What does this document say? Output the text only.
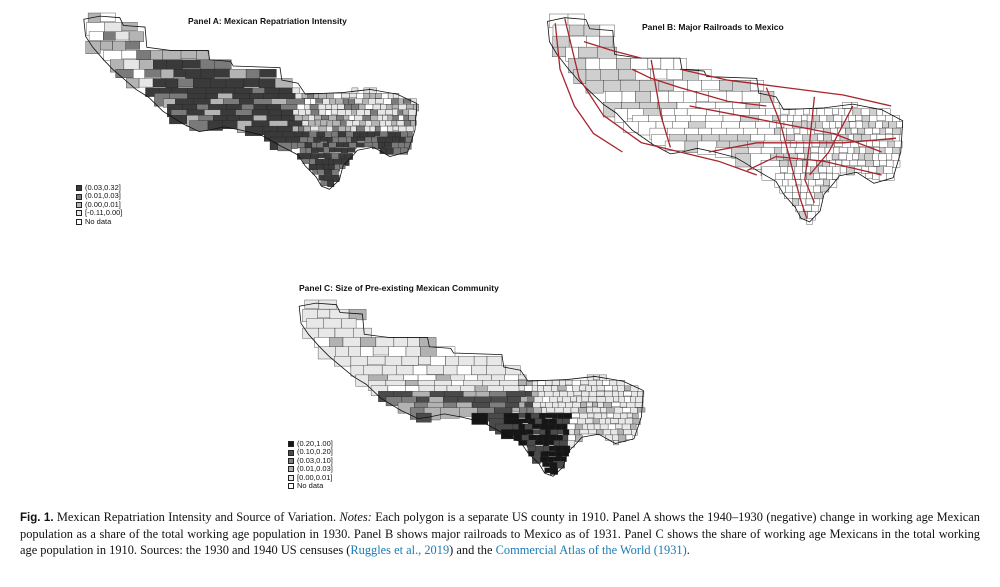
Panel A: Mexican Repatriation Intensity
(0.03,0.32]
(0.01,0.03]
(0.00,0.01]
[-0.11,0.00]
No data
Panel B: Major Railroads to Mexico
Panel C: Size of Pre-existing Mexican Community
(0.20,1.00]
(0.10,0.20]
(0.03,0.10]
(0.01,0.03]
[0.00,0.01]
No data
Fig. 1. Mexican Repatriation Intensity and Source of Variation. Notes: Each polygon is a separate US county in 1910. Panel A shows the 1940–1930 (negative) change in working age Mexican population as a share of the total working age population in 1930. Panel B shows major railroads to Mexico as of 1931. Panel C shows the share of working age Mexicans in the total working age population in 1910. Sources: the 1930 and 1940 US censuses (Ruggles et al., 2019) and the Commercial Atlas of the World (1931).
